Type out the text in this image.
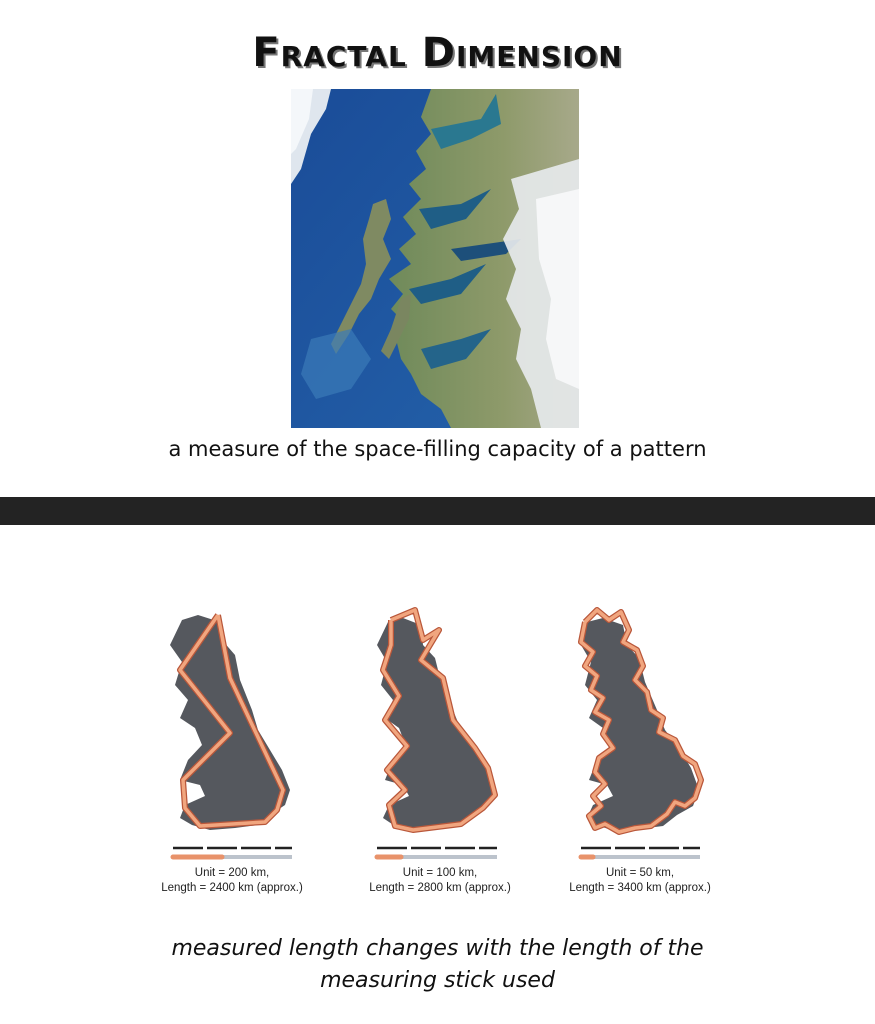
Fractal Dimension
a measure of the space-filling capacity of a pattern
Unit = 200 km,
Length = 2400 km (approx.)
Unit = 100 km,
Length = 2800 km (approx.)
Unit = 50 km,
Length = 3400 km (approx.)
measured length changes with the length of the
measuring stick used
